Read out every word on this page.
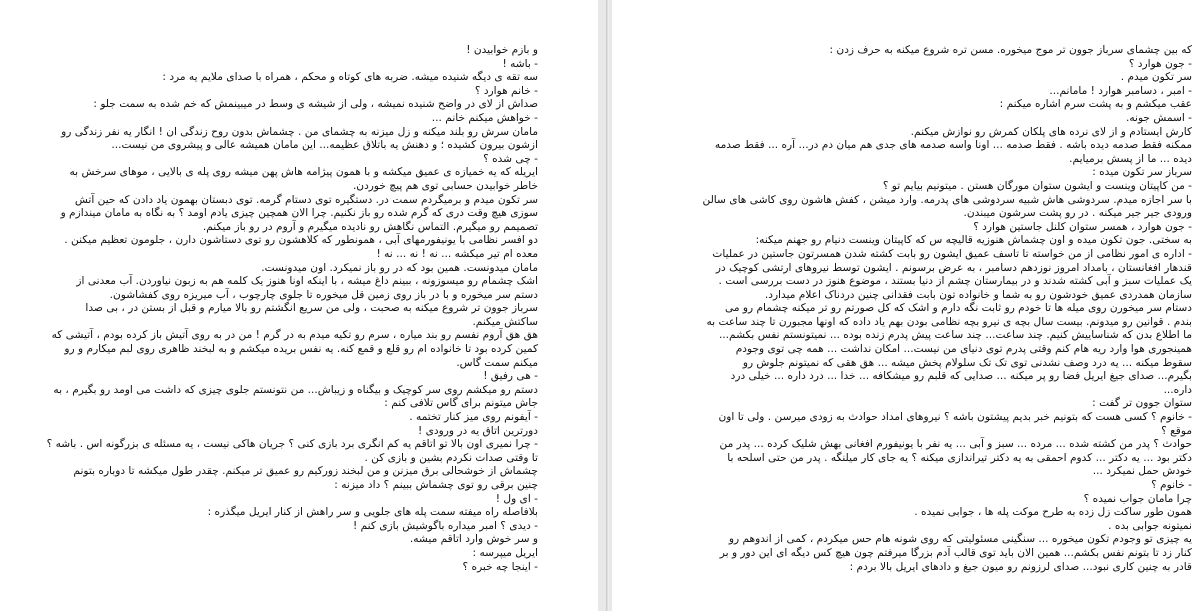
و بازم خوابیدن !
- باشه !
سه تقه ی دیگه شنیده میشه. ضربه های کوتاه و محکم ، همراه با صدای ملایم یه مرد :
- خانم هوارد ؟
صداش از لای در واضح شنیده نمیشه ، ولی از شیشه ی وسط در میبینمش که خم شده به سمت جلو :
- خواهش میکنم خانم ...
مامان سرش رو بلند میکنه و زل میزنه به چشمای من . چشماش بدون روح زندگی ان ! انگار یه نفر زندگی رو
ازشون بیرون کشیده ؛ و دهنش یه باتلاق عظیمه... این مامان همیشه عالی و پیشروی من نیست...
- چی شده ؟
ایریله که یه خمیازه ی عمیق میکشه و با همون پیژامه هاش پهن میشه روی پله ی بالایی ، موهای سرخش به
خاطر خوابیدن حسابی توی هم پیچ خوردن.
سر تکون میدم و برمیگردم سمت در. دستگیره توی دستام گرمه. توی دبستان بهمون یاد دادن که حین آتش
سوزی هیچ وقت دری که گرم شده رو باز نکنیم. چرا الان همچین چیزی یادم اومد ؟ به نگاه به مامان میندازم و
تصمیمم رو میگیرم. التماس نگاهش رو نادیده میگیرم و آروم در رو باز میکنم.
دو افسر نظامی با یونیفورمهای آبی ، همونطور که کلاهشون رو توی دستاشون دارن ، جلومون تعظیم میکنن .
معده ام تیر میکشه ... نه ! نه ... نه !
مامان میدونست. همین بود که در رو باز نمیکرد. اون میدونست.
اشک چشمام رو میسوزونه ، ببینم داغ میشه ، با اینکه اونا هنوز یک کلمه هم به زبون نیاوردن. آب معدنی از
دستم سر میخوره و با در باز روی زمین قل میخوره تا جلوی چارچوب ، آب میریزه روی کفشاشون.
سرباز جوون تر شروع میکنه به صحبت ، ولی من سریع انگشتم رو بالا میارم و قبل از بستن در ، بی صدا
ساکتش میکنم.
هق هق آروم نفسم رو بند میاره ، سرم رو تکیه میدم به در گرم ! من در به روی آتیش باز کرده بودم ، آتیشی که
کمین کرده بود تا خانواده ام رو قلع و قمع کنه. یه نفس بریده میکشم و به لبخند ظاهری روی لبم میکارم و رو
میکنم سمت گاس.
- هی رفیق !
دستم رو میکشم روی سر کوچیک و بیگناه و زیباش... من نتونستم جلوی چیزی که داشت می اومد رو بگیرم ، به
جاش میتونم برای گاس تلافی کنم :
- آیفونم روی میز کنار تختمه .
دورترین اتاق یه در ورودی !
- چرا نمیری اون بالا تو اتاقم یه کم انگری برد بازی کنی ؟ جریان هاکی نیست ، یه مسئله ی بزرگونه اس . باشه ؟
تا وقتی صدات نکردم بشین و بازی کن .
چشماش از خوشحالی برق میزنن و من لبخند زورکیم رو عمیق تر میکنم. چقدر طول میکشه تا دوباره بتونم
چنین برقی رو توی چشماش ببینم ؟ داد میزنه :
- ای ول !
بلافاصله راه میفته سمت پله های جلویی و سر راهش از کنار ایریل میگذره :
- دیدی ؟ امبر میداره باگوشیش بازی کنم !
و سر خوش وارد اتاقم میشه.
ایریل میپرسه :
- اینجا چه خبره ؟
که بین چشمای سرباز جوون تر موج میخوره. مسن تره شروع میکنه به حرف زدن :
- جون هوارد ؟
سر تکون میدم .
- امبر ، دسامبر هوارد ! مامانم...
عقب میکشم و به پشت سرم اشاره میکنم :
- اسمش جونه.
کارش ایستادم و از لای نرده های پلکان کمرش رو نوازش میکنم.
ممکنه فقط صدمه دیده باشه . فقط صدمه ... اونا واسه صدمه های جدی هم میان دم در... آره ... فقط صدمه
دیده ... ما از پسش برمیایم.
سرباز سر تکون میده :
- من کاپیتان وینست و ایشون ستوان مورگان هستن . میتونیم بیایم تو ؟
با سر اجازه میدم. سردوشی هاش شبیه سردوشی های پدرمه. وارد میشن ، کفش هاشون روی کاشی های سالن
ورودی جیر جیر میکنه . در رو پشت سرشون میبندن.
- جون هوارد ، همسر ستوان کلنل جاستین هوارد ؟
به سختی. جون تکون میده و اون چشماش هنوزیه قالیچه س که کاپیتان وینست دنیام رو جهنم میکنه:
- اداره ی امور نظامی از من خواسته تا تاسف عمیق ایشون رو بابت کشته شدن همسرتون جاستین در عملیات
قندهار افغانستان ، بامداد امروز نوزدهم دسامبر ، به عرض برسونم . ایشون توسط نیروهای ارتشی کوچیک در
یک عملیات سبز و آبی کشته شدند و در بیمارستان چشم از دنیا بستند ، موضوع هنوز در دست بررسی است .
سازمان همدردی عمیق خودشون رو به شما و خانواده تون بابت فقدانی چنین دردناک اعلام میدارد.
دستام سر میخورن روی میله ها تا خودم رو ثابت نگه دارم و اشک که کل صورتم رو تر میکنه چشمام رو می
بندم . قوانین رو میدونم. بیست سال بچه ی نیرو بچه نظامی بودن بهم یاد داده که اونها مجبورن تا چند ساعت به
ما اطلاع بدن که شناساییش کنیم. چند ساعت... چند ساعت پیش پدرم زنده بوده ... نمیتونستم نفس بکشم...
همینجوری هوا وارد ریه هام کنم وقتی پدرم توی دنیای من نیست... امکان نداشت ... همه چی توی وجودم
سقوط میکنه ... یه درد وصف نشدنی توی تک تک سلولام پخش میشه ... هق هقی که نمیتونم جلوش رو
بگیرم... صدای جیغ ایریل فضا رو پر میکنه ... صدایی که قلبم رو میشکافه ... خدا ... درد داره ... خیلی درد
داره...
ستوان جوون تر گفت :
- خانوم ؟ کسی هست که بتونیم خبر بدیم پیشتون باشه ؟ نیروهای امداد حوادث به زودی میرسن . ولی تا اون
موقع ؟
حوادث ؟ پدر من کشته شده ... مرده ... سبز و آبی ... یه نفر با یونیفورم افغانی بهش شلیک کرده ... پدر من
دکتر بود ... یه دکتر ... کدوم احمقی به یه دکتر تیراندازی میکنه ؟ یه جای کار میلنگه . پدر من حتی اسلحه با
خودش حمل نمیکرد ...
- خانوم ؟
چرا مامان جواب نمیده ؟
همون طور ساکت زل زده به طرح موکت پله ها ، جوابی نمیده .
نمیتونه جوابی بده .
یه چیزی تو وجودم تکون میخوره ... سنگینی مسئولیتی که روی شونه هام حس میکردم ، کمی از اندوهم رو
کنار زد تا بتونم نفس بکشم... همین الان باید توی قالب آدم بزرگا میرفتم چون هیچ کس دیگه ای این دور و بر
قادر به چنین کاری نبود... صدای لرزونم رو میون جیغ و دادهای ایریل بالا بردم :
